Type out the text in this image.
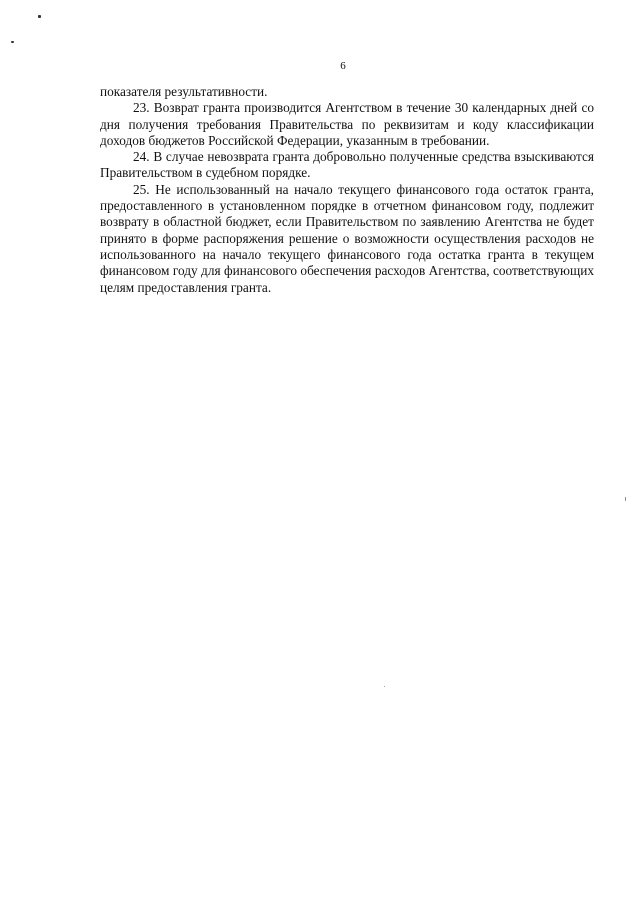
6

показателя результативности.

23. Возврат гранта производится Агентством в течение 30 календарных дней со дня получения требования Правительства по реквизитам и коду классификации доходов бюджетов Российской Федерации, указанным в требовании.

24. В случае невозврата гранта добровольно полученные средства взыскиваются Правительством в судебном порядке.

25. Не использованный на начало текущего финансового года остаток гранта, предоставленного в установленном порядке в отчетном финансовом году, подлежит возврату в областной бюджет, если Правительством по заявлению Агентства не будет принято в форме распоряжения решение о возможности осуществления расходов не использованного на начало текущего финансового года остатка гранта в текущем финансовом году для финансового обеспечения расходов Агентства, соответствующих целям предоставления гранта.
